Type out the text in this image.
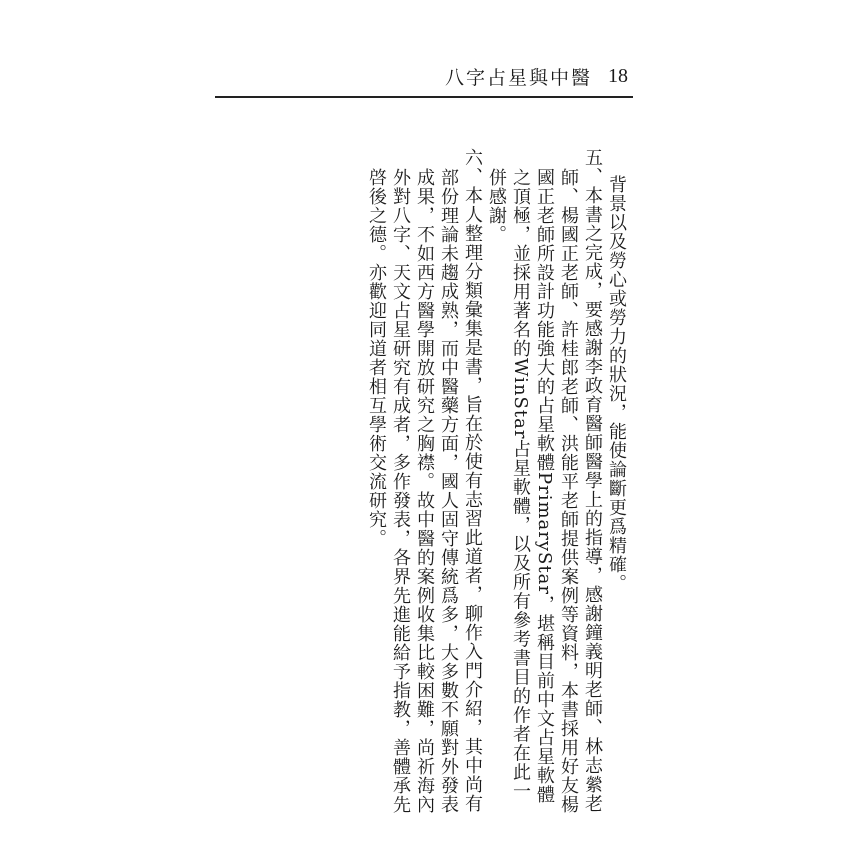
八字占星與中醫 18

背景以及勞心或勞力的狀況，能使論斷更爲精確。

五、本書之完成，要感謝李政育醫師醫學上的指導，感謝鐘義明老師、林志縈老師、楊國正老師、許桂郎老師、洪能平老師提供案例等資料，本書採用好友楊國正老師所設計功能強大的占星軟體PrimaryStar，堪稱目前中文占星軟體之頂極，並採用著名的WinStar占星軟體，以及所有參考書目的作者在此一併感謝。

六、本人整理分類彙集是書，旨在於使有志習此道者，聊作入門介紹，其中尚有部份理論未趨成熟，而中醫藥方面，國人固守傳統爲多，大多數不願對外發表成果，不如西方醫學開放研究之胸襟。故中醫的案例收集比較困難，尚祈海內外對八字、天文占星研究有成者，多作發表，各界先進能給予指教，善體承先啓後之德。亦歡迎同道者相互學術交流研究。
